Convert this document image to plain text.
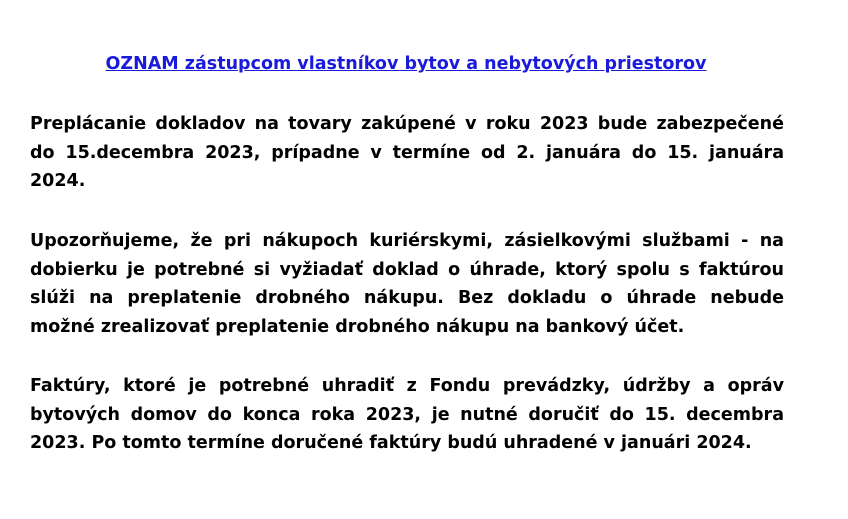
OZNAM zástupcom vlastníkov bytov a nebytových priestorov

Preplácanie dokladov na tovary zakúpené v roku 2023 bude zabezpečené
do 15.decembra 2023, prípadne v termíne od 2. januára do 15. januára
2024.

Upozorňujeme, že pri nákupoch kuriérskymi, zásielkovými službami - na
dobierku je potrebné si vyžiadať doklad o úhrade, ktorý spolu s faktúrou
slúži na preplatenie drobného nákupu. Bez dokladu o úhrade nebude
možné zrealizovať preplatenie drobného nákupu na bankový účet.

Faktúry, ktoré je potrebné uhradiť z Fondu prevádzky, údržby a opráv
bytových domov do konca roka 2023, je nutné doručiť do 15. decembra
2023. Po tomto termíne doručené faktúry budú uhradené v januári 2024.
